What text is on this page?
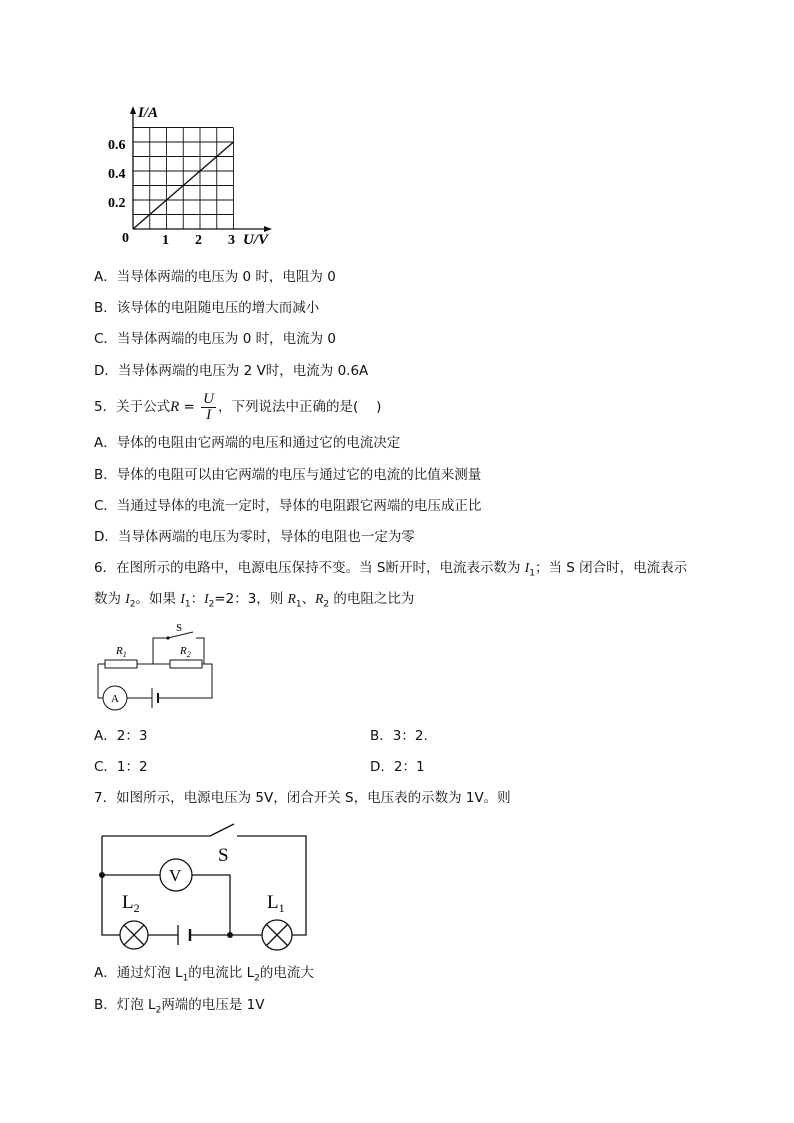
I/A
U/V
0.6
0.4
0.2
0 1 2 3
A．当导体两端的电压为 0 时，电阻为 0
B．该导体的电阻随电压的增大而减小
C．当导体两端的电压为 0 时，电流为 0
D．当导体两端的电压为 2 V时，电流为 0.6A
5．关于公式$R = \frac{U}{I}$ ，下列说法中正确的是(　 )
A．导体的电阻由它两端的电压和通过它的电流决定
B．导体的电阻可以由它两端的电压与通过它的电流的比值来测量
C．当通过导体的电流一定时，导体的电阻跟它两端的电压成正比
D．当导体两端的电压为零时，导体的电阻也一定为零
6．在图所示的电路中，电源电压保持不变。当 S断开时，电流表示数为 $I_1$；当 S 闭合时，电流表示
数为 $I_2$。如果 $I_1$：$I_2=2$：3，则 $R_1$、$R_2$ 的电阻之比为
S
A
$R_1$	$R_2$
A．2：3	B．3：2.
C．1：2	D．2：1
7．如图所示，电源电压为 5V，闭合开关 S，电压表的示数为 1V。则
S
V
$L_2$	$L_1$
A．通过灯泡 $L_1$的电流比 $L_2$的电流大
B．灯泡 $L_2$两端的电压是 1V
